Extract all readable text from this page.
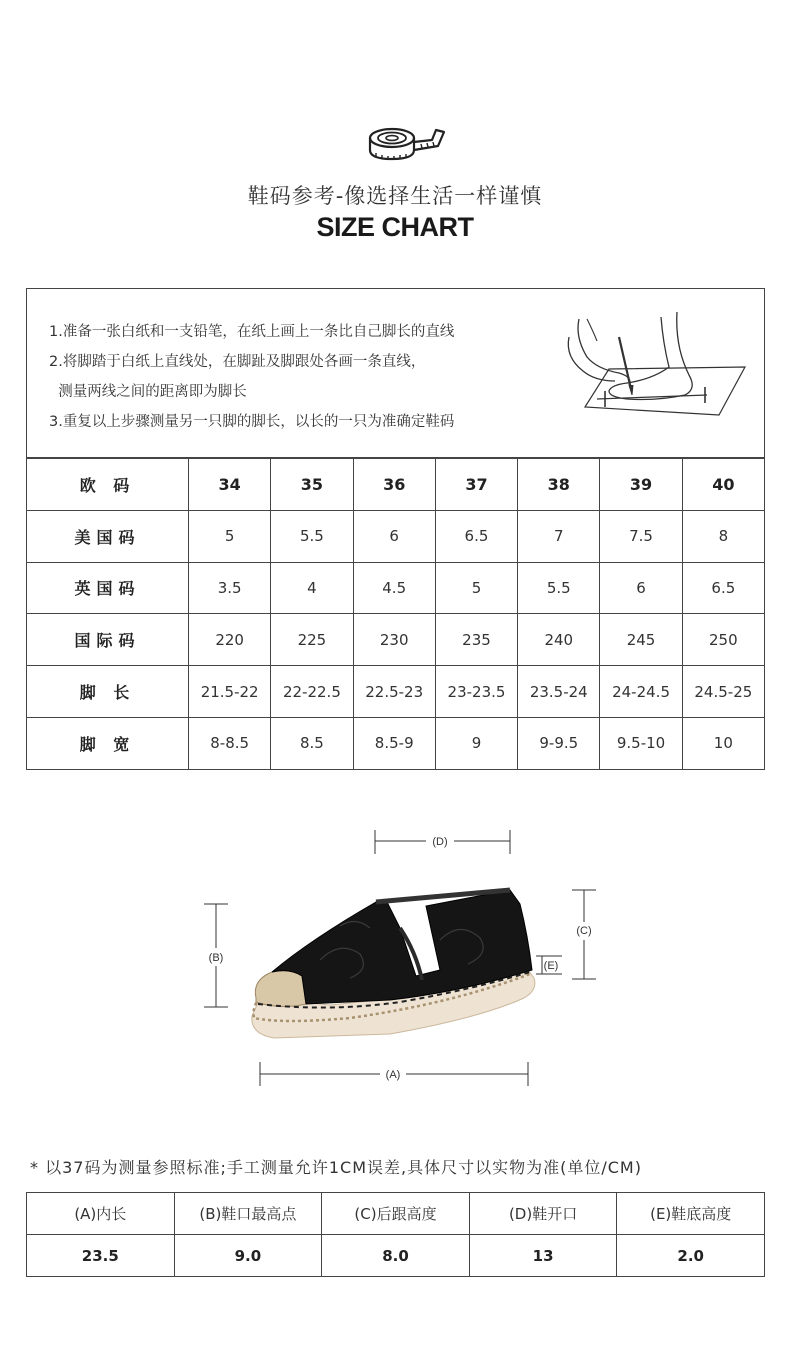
鞋码参考-像选择生活一样谨慎
SIZE CHART
1.准备一张白纸和一支铅笔，在纸上画上一条比自己脚长的直线
2.将脚踏于白纸上直线处，在脚趾及脚跟处各画一条直线，
测量两线之间的距离即为脚长
3.重复以上步骤测量另一只脚的脚长，以长的一只为准确定鞋码
欧 码	34	35	36	37	38	39	40
美国码	5	5.5	6	6.5	7	7.5	8
英国码	3.5	4	4.5	5	5.5	6	6.5
国际码	220	225	230	235	240	245	250
脚 长	21.5-22	22-22.5	22.5-23	23-23.5	23.5-24	24-24.5	24.5-25
脚 宽	8-8.5	8.5	8.5-9	9	9-9.5	9.5-10	10
(D)
(B)
(C)
(E)
(A)
* 以37码为测量参照标准;手工测量允许1CM误差,具体尺寸以实物为准(单位/CM)
(A)内长	(B)鞋口最高点	(C)后跟高度	(D)鞋开口	(E)鞋底高度
23.5	9.0	8.0	13	2.0
